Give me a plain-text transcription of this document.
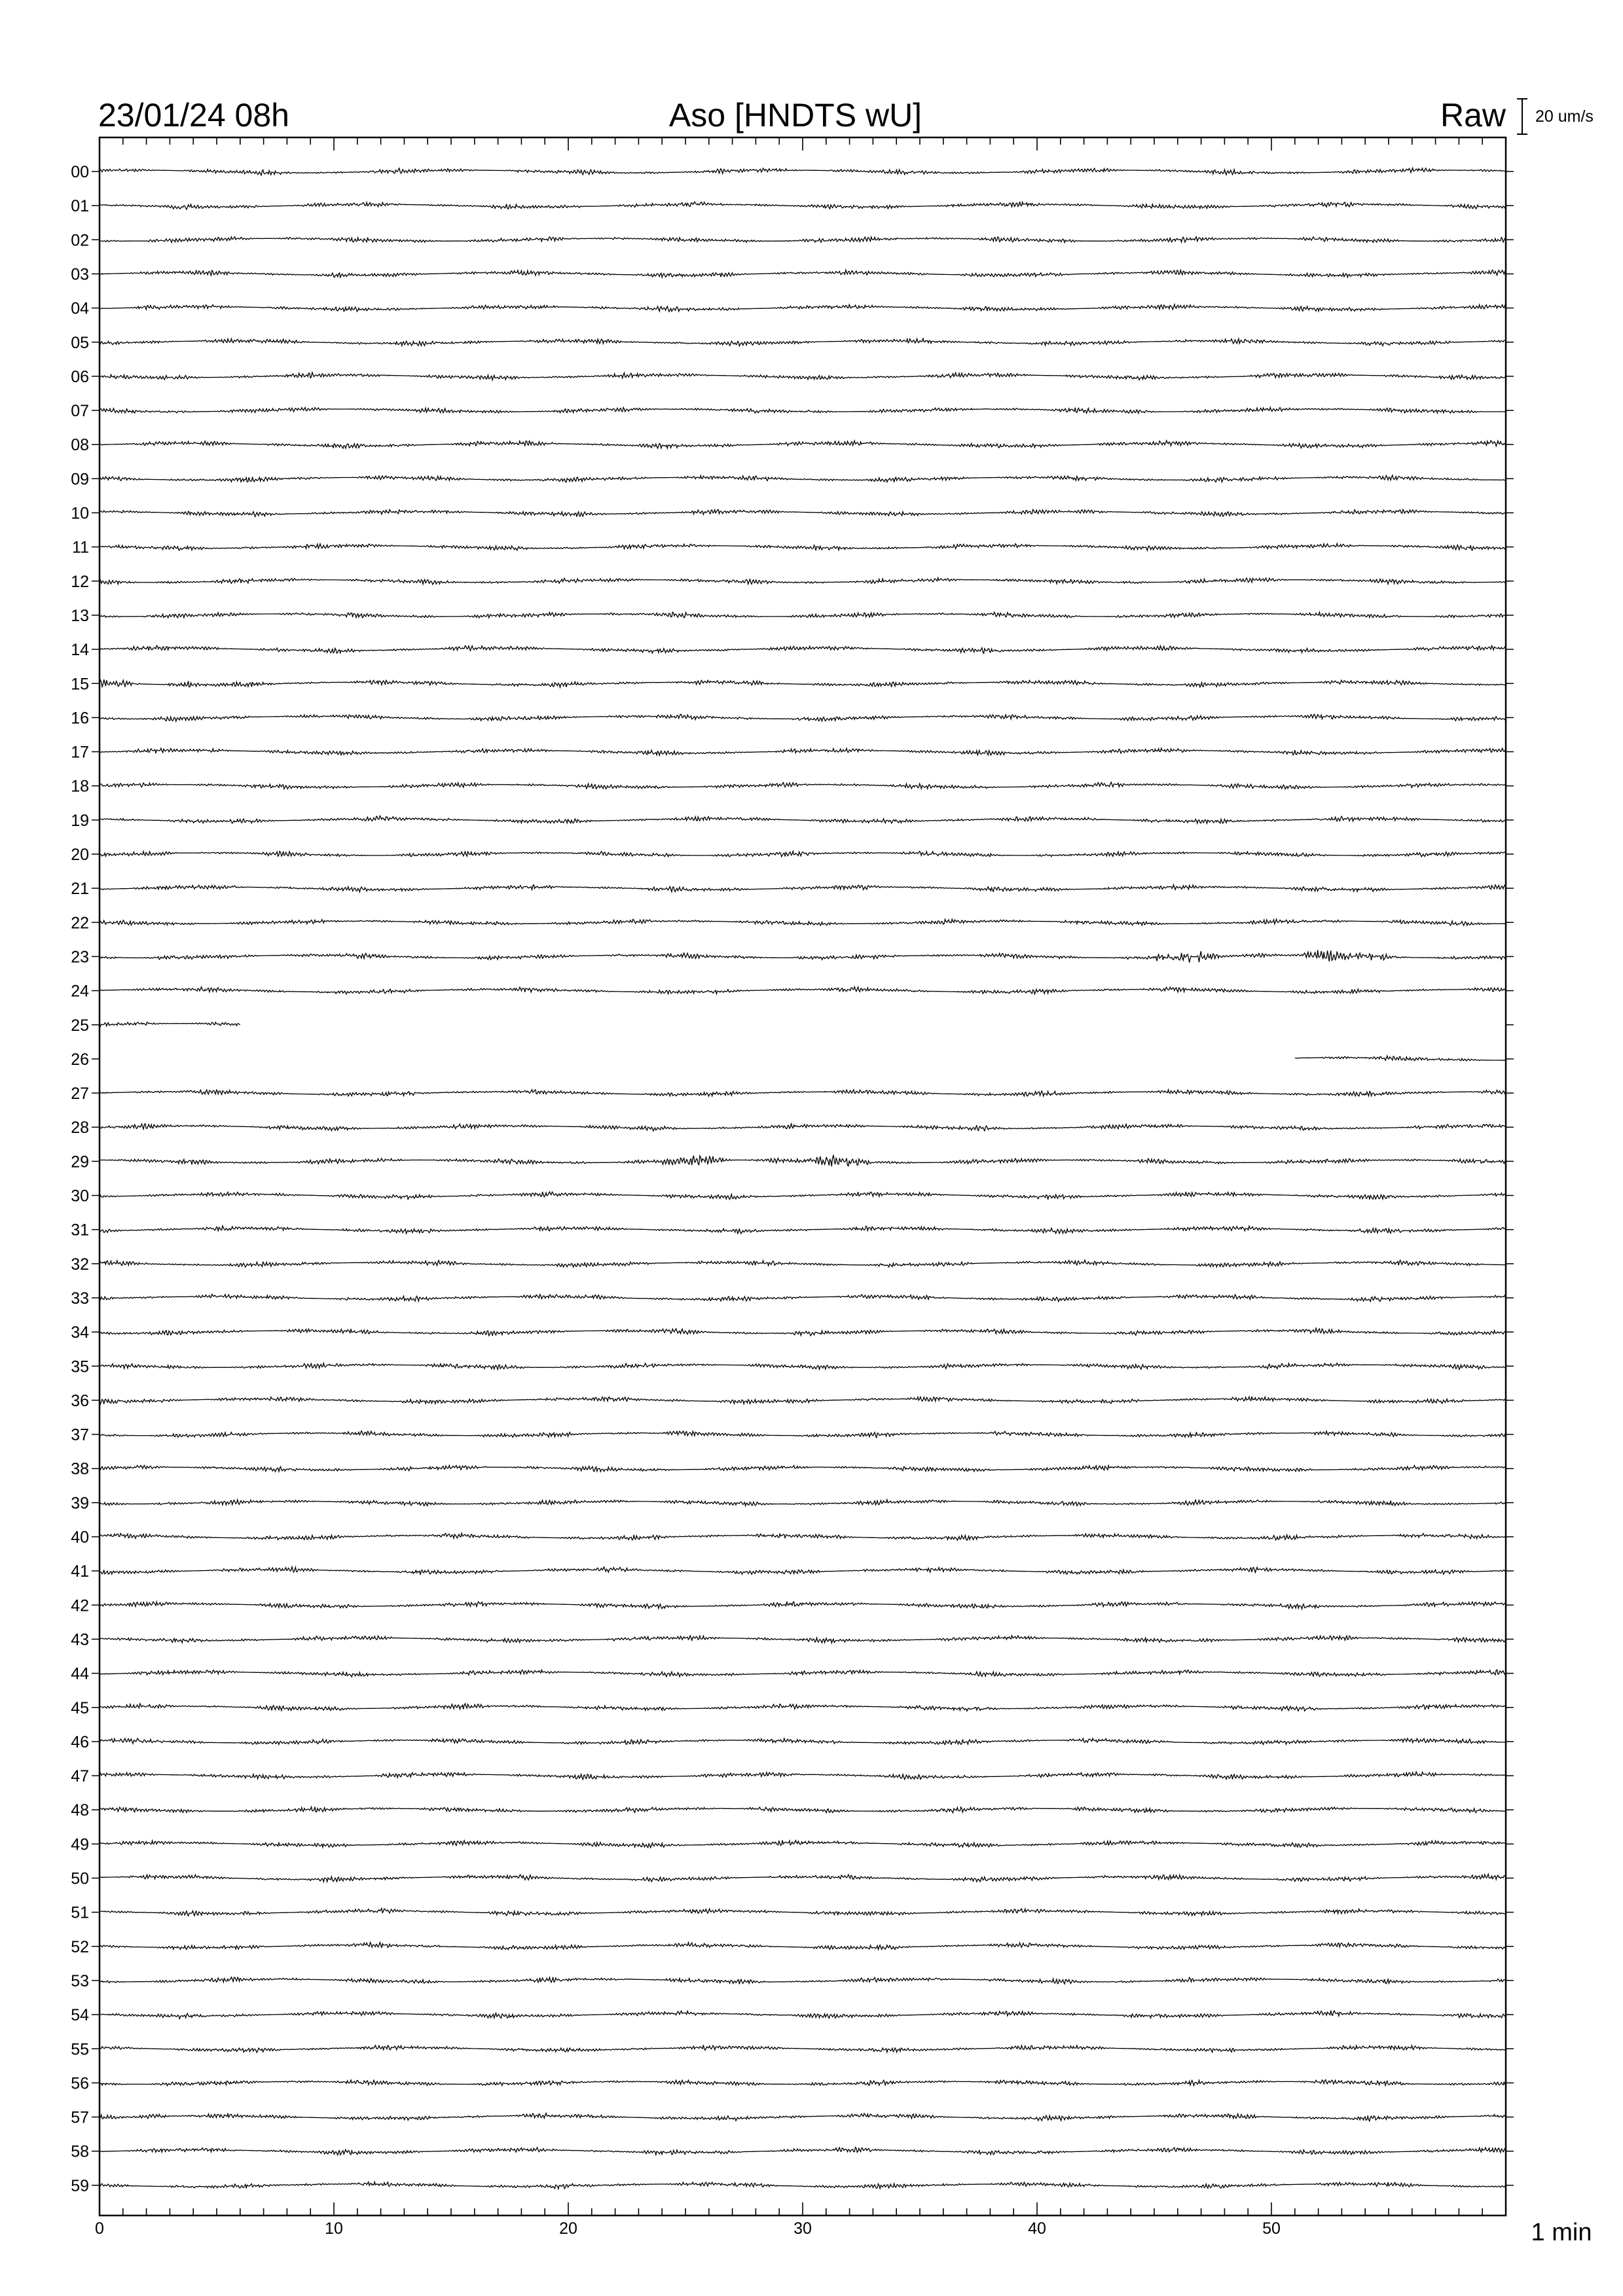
23/01/24 08h	Aso [HNDTS wU]	Raw 20 um/s
0	10	20	30	40	50
00
01
02
03
04
05
06
07
08
09
10
11
12
13
14
15
16
17
18
19
20
21
22
23
24
25
26
27
28
29
30
31
32
33
34
35
36
37
38
39
40
41
42
43
44
45
46
47
48
49
50
51
52
53
54
55
56
57
58
59
1 min
